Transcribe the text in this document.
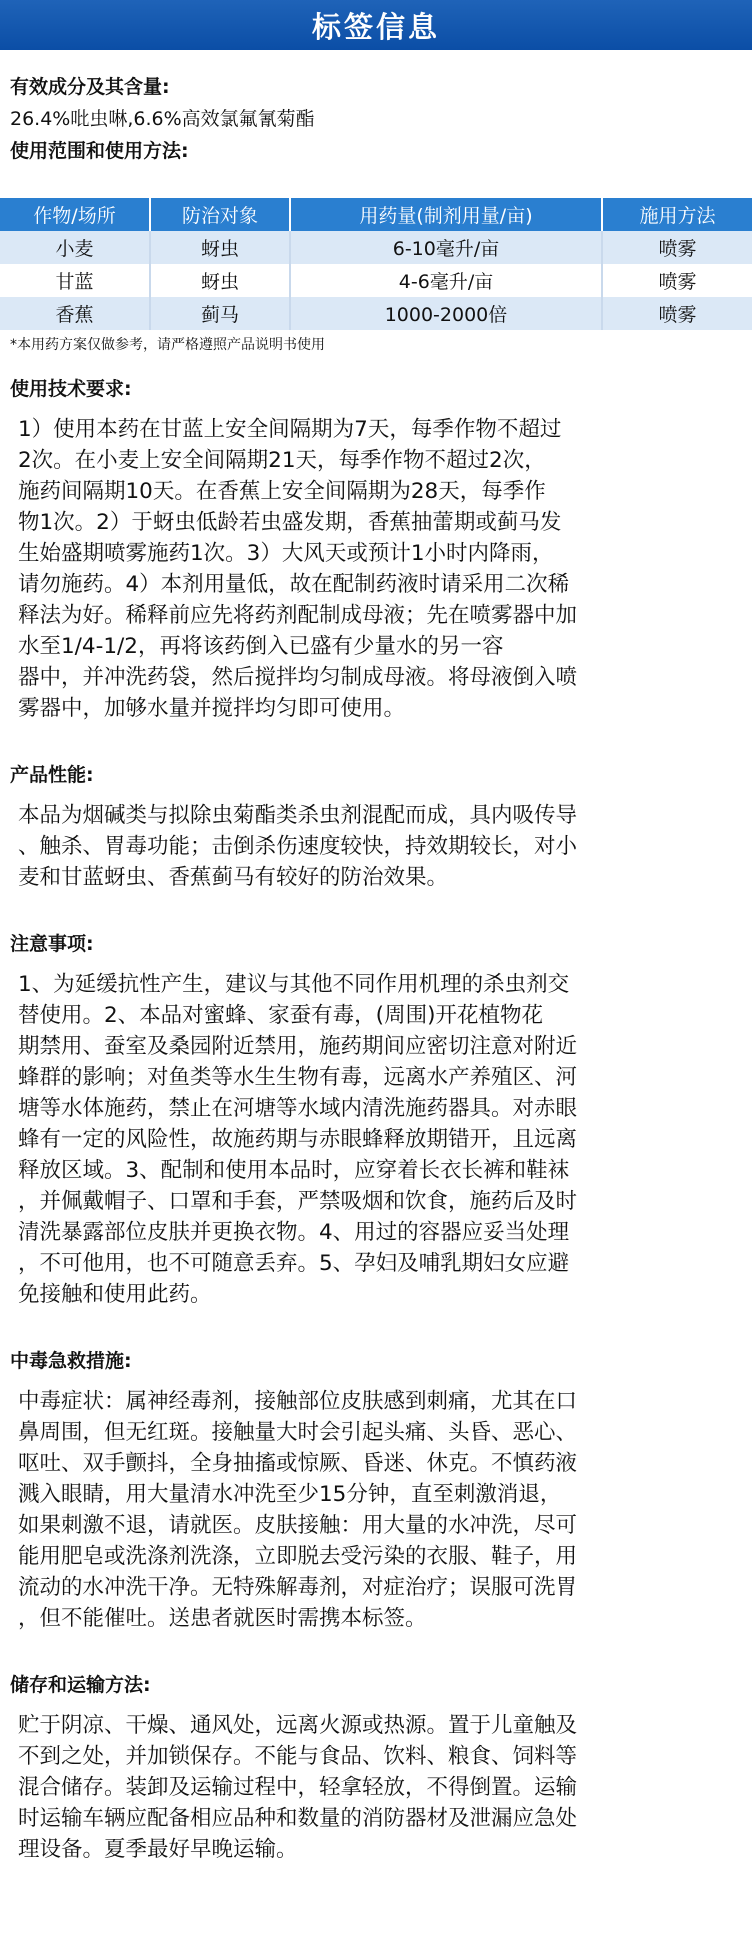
标签信息

有效成分及其含量:

26.4%吡虫啉,6.6%高效氯氟氰菊酯

使用范围和使用方法:

作物/场所	防治对象	用药量(制剂用量/亩)	施用方法
小麦	蚜虫	6-10毫升/亩	喷雾
甘蓝	蚜虫	4-6毫升/亩	喷雾
香蕉	蓟马	1000-2000倍	喷雾

*本用药方案仅做参考，请严格遵照产品说明书使用

使用技术要求:

1）使用本药在甘蓝上安全间隔期为7天，每季作物不超过

2次。在小麦上安全间隔期21天，每季作物不超过2次，

施药间隔期10天。在香蕉上安全间隔期为28天，每季作

物1次。2）于蚜虫低龄若虫盛发期，香蕉抽蕾期或蓟马发

生始盛期喷雾施药1次。3）大风天或预计1小时内降雨，

请勿施药。4）本剂用量低，故在配制药液时请采用二次稀

释法为好。稀释前应先将药剂配制成母液；先在喷雾器中加

水至1/4-1/2，再将该药倒入已盛有少量水的另一容

器中，并冲洗药袋，然后搅拌均匀制成母液。将母液倒入喷

雾器中，加够水量并搅拌均匀即可使用。

产品性能:

本品为烟碱类与拟除虫菊酯类杀虫剂混配而成，具内吸传导

、触杀、胃毒功能；击倒杀伤速度较快，持效期较长，对小

麦和甘蓝蚜虫、香蕉蓟马有较好的防治效果。

注意事项:

1、为延缓抗性产生，建议与其他不同作用机理的杀虫剂交

替使用。2、本品对蜜蜂、家蚕有毒，(周围)开花植物花

期禁用、蚕室及桑园附近禁用，施药期间应密切注意对附近

蜂群的影响；对鱼类等水生生物有毒，远离水产养殖区、河

塘等水体施药，禁止在河塘等水域内清洗施药器具。对赤眼

蜂有一定的风险性，故施药期与赤眼蜂释放期错开，且远离

释放区域。3、配制和使用本品时，应穿着长衣长裤和鞋袜

，并佩戴帽子、口罩和手套，严禁吸烟和饮食，施药后及时

清洗暴露部位皮肤并更换衣物。4、用过的容器应妥当处理

，不可他用，也不可随意丢弃。5、孕妇及哺乳期妇女应避

免接触和使用此药。

中毒急救措施:

中毒症状：属神经毒剂，接触部位皮肤感到刺痛，尤其在口

鼻周围，但无红斑。接触量大时会引起头痛、头昏、恶心、

呕吐、双手颤抖，全身抽搐或惊厥、昏迷、休克。不慎药液

溅入眼睛，用大量清水冲洗至少15分钟，直至刺激消退，

如果刺激不退，请就医。皮肤接触：用大量的水冲洗，尽可

能用肥皂或洗涤剂洗涤，立即脱去受污染的衣服、鞋子，用

流动的水冲洗干净。无特殊解毒剂，对症治疗；误服可洗胃

，但不能催吐。送患者就医时需携本标签。

储存和运输方法:

贮于阴凉、干燥、通风处，远离火源或热源。置于儿童触及

不到之处，并加锁保存。不能与食品、饮料、粮食、饲料等

混合储存。装卸及运输过程中，轻拿轻放，不得倒置。运输

时运输车辆应配备相应品种和数量的消防器材及泄漏应急处

理设备。夏季最好早晚运输。
